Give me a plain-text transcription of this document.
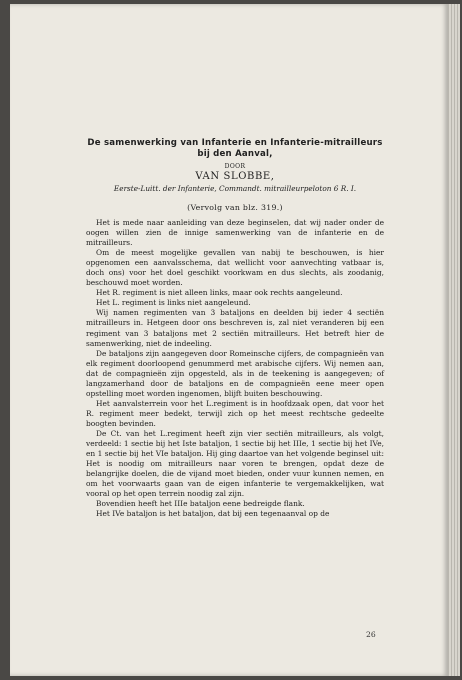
De samenwerking van Infanterie en Infanterie-mitrailleurs
bij den Aanval,
DOOR
VAN SLOBBE,
Eerste-Luitt. der Infanterie, Commandt. mitrailleurpeloton 6 R. I.
(Vervolg van blz. 319.)

Het is mede naar aanleiding van deze beginselen, dat wij nader onder de oogen willen zien de innige samenwerking van de infanterie en de mitrailleurs.

Om de meest mogelijke gevallen van nabij te beschouwen, is hier opgenomen een aanvalsschema, dat wellicht voor aanvechting vatbaar is, doch ons) voor het doel geschikt voorkwam en dus slechts, als zoodanig, beschouwd moet worden.

Het R. regiment is niet alleen links, maar ook rechts aangeleund.

Het L. regiment is links niet aangeleund.

Wij namen regimenten van 3 bataljons en deelden bij ieder 4 sectiën mitrailleurs in. Hetgeen door ons beschreven is, zal niet veranderen bij een regiment van 3 bataljons met 2 sectiën mitrailleurs. Het betreft hier de samenwerking, niet de indeeling.

De bataljons zijn aangegeven door Romeinsche cijfers, de compagnieën van elk regiment doorloopend genummerd met arabische cijfers. Wij nemen aan, dat de compagnieën zijn opgesteld, als in de teekening is aangegeven; of langzamerhand door de bataljons en de compagnieën eene meer open opstelling moet worden ingenomen, blijft buiten beschouwing.

Het aanvalsterrein voor het L.regiment is in hoofdzaak open, dat voor het R. regiment meer bedekt, terwijl zich op het meest rechtsche gedeelte boogten bevinden.

De Ct. van het L.regiment heeft zijn vier sectiën mitrailleurs, als volgt, verdeeld: 1 sectie bij het Iste bataljon, 1 sectie bij het IIIe, 1 sectie bij het IVe, en 1 sectie bij het VIe bataljon. Hij ging daartoe van het volgende beginsel uit: Het is noodig om mitrailleurs naar voren te brengen, opdat deze de belangrijke doelen, die de vijand moet bieden, onder vuur kunnen nemen, en om het voorwaarts gaan van de eigen infanterie te vergemakkelijken, wat vooral op het open terrein noodig zal zijn.

Bovendien heeft het IIIe bataljon eene bedreigde flank.

Het IVe bataljon is het bataljon, dat bij een tegenaanval op de

26
